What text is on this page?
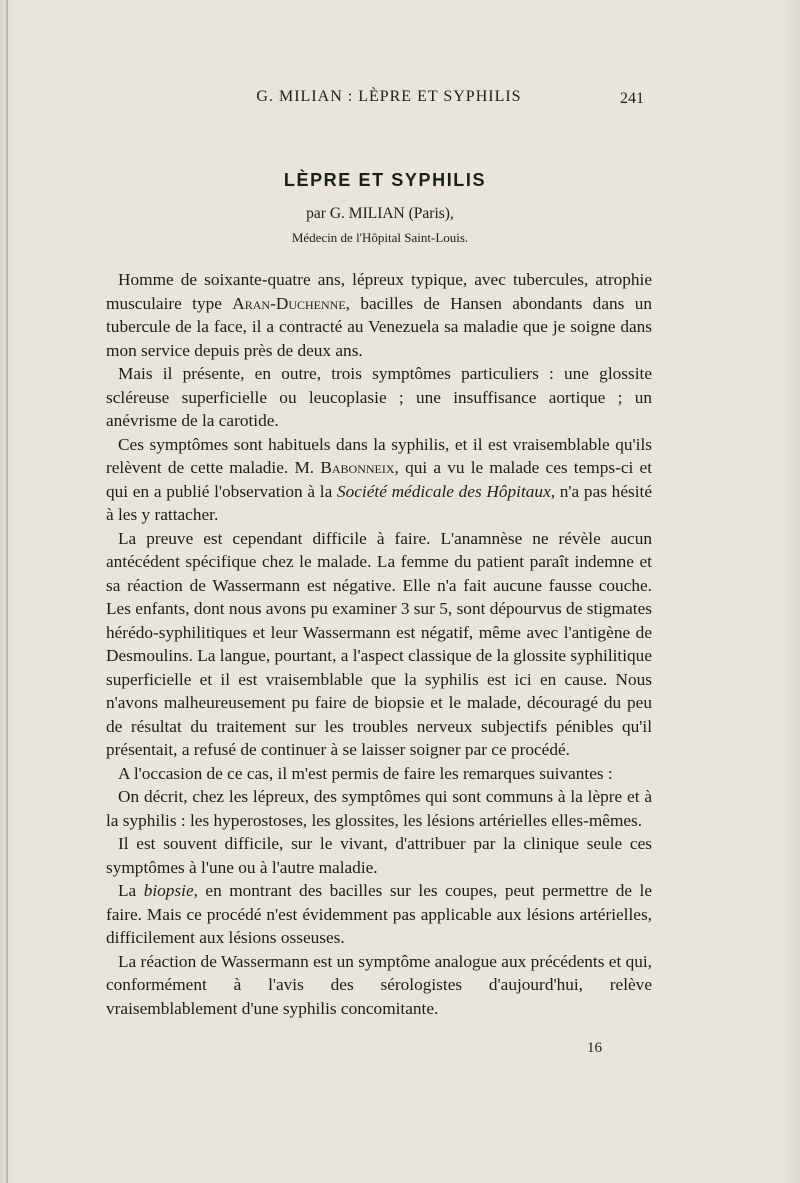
G. MILIAN : LÈPRE ET SYPHILIS	241
LÈPRE ET SYPHILIS
par G. MILIAN (Paris),
Médecin de l'Hôpital Saint-Louis.

Homme de soixante-quatre ans, lépreux typique, avec tubercules, atrophie musculaire type Aran-Duchenne, bacilles de Hansen abondants dans un tubercule de la face, il a contracté au Venezuela sa maladie que je soigne dans mon service depuis près de deux ans.

Mais il présente, en outre, trois symptômes particuliers : une glossite scléreuse superficielle ou leucoplasie ; une insuffisance aortique ; un anévrisme de la carotide.

Ces symptômes sont habituels dans la syphilis, et il est vraisemblable qu'ils relèvent de cette maladie. M. Babonneix, qui a vu le malade ces temps-ci et qui en a publié l'observation à la Société médicale des Hôpitaux, n'a pas hésité à les y rattacher.

La preuve est cependant difficile à faire. L'anamnèse ne révèle aucun antécédent spécifique chez le malade. La femme du patient paraît indemne et sa réaction de Wassermann est négative. Elle n'a fait aucune fausse couche. Les enfants, dont nous avons pu examiner 3 sur 5, sont dépourvus de stigmates hérédo-syphilitiques et leur Wassermann est négatif, même avec l'antigène de Desmoulins. La langue, pourtant, a l'aspect classique de la glossite syphilitique superficielle et il est vraisemblable que la syphilis est ici en cause. Nous n'avons malheureusement pu faire de biopsie et le malade, découragé du peu de résultat du traitement sur les troubles nerveux subjectifs pénibles qu'il présentait, a refusé de continuer à se laisser soigner par ce procédé.

A l'occasion de ce cas, il m'est permis de faire les remarques suivantes :

On décrit, chez les lépreux, des symptômes qui sont communs à la lèpre et à la syphilis : les hyperostoses, les glossites, les lésions artérielles elles-mêmes.

Il est souvent difficile, sur le vivant, d'attribuer par la clinique seule ces symptômes à l'une ou à l'autre maladie.

La biopsie, en montrant des bacilles sur les coupes, peut permettre de le faire. Mais ce procédé n'est évidemment pas applicable aux lésions artérielles, difficilement aux lésions osseuses.

La réaction de Wassermann est un symptôme analogue aux précédents et qui, conformément à l'avis des sérologistes d'aujourd'hui, relève vraisemblablement d'une syphilis concomitante.

16
